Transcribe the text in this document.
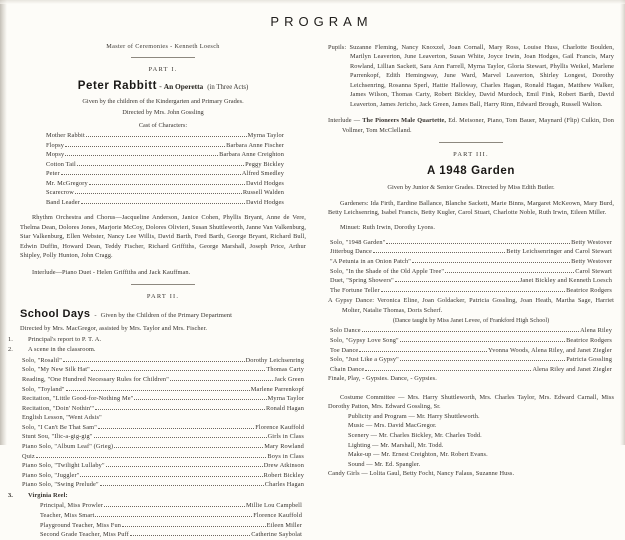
PROGRAM
Master of Ceremonies - Kenneth Loesch
PART I.
Peter Rabbitt - An Operetta (in Three Acts)
Given by the children of the Kindergarten and Primary Grades.
Directed by Mrs. John Gossling
Cast of Characters:
Mother Rabbit	Myrna Taylor
Flopsy	Barbara Anne Fischer
Mopsy	Barbara Anne Creighton
Cotton Tail	Peggy Bickley
Peter	Alfred Smedley
Mr. McGregory	David Hodges
Scarecrow	Russell Walden
Band Leader	David Hodges
Rhythm Orchestra and Chorus—Jacqueline Anderson, Janice Cohen, Phyllis Bryant, Anne de Vere, Thelma Dean, Dolores Jones, Marjorie McCoy, Dolores Olivieri, Susan Shuttleworth, Janne Van Valkenburg, Star Valkenburg, Ellen Webster, Nancy Lee Willis, David Barth, Fred Barth, George Bryant, Richard Bull, Edwin Duffin, Howard Dean, Teddy Fischer, Richard Griffiths, George Marshall, Joseph Price, Arthur Shipley, Polly Hunton, John Cragg.
Interlude—Piano Duet - Helen Griffiths and Jack Kauffman.
PART II.
School Days - Given by the Children of the Primary Department
Directed by Mrs. MacGregor, assisted by Mrs. Taylor and Mrs. Fischer.
1. Principal's report to P. T. A.
2. A scene in the classroom.
Solo, "Rosalil"	Dorothy Leichsenring
Solo, "My New Silk Hat"	Thomas Carty
Reading, "One Hundred Necessary Rules for Children"	Jack Green
Solo, "Toyland"	Marlene Parrenkopf
Recitation, "Little Good-for-Nothing Me"	Myrna Taylor
Recitation, "Doin' Nothin'"	Ronald Hagan
English Lesson, "Went Adsis"
Solo, "I Can't Be That Sam"	Florence Kauffold
Stunt Sou, "Ilic-a-gig-gig"	Girls in Class
Piano Solo, "Album Leaf" (Grieg)	Mary Rowland
Quiz	Boys in Class
Piano Solo, "Twilight Lullaby"	Drew Atkinson
Piano Solo, "Juggler"	Robert Bickley
Piano Solo, "Swing Prelude"	Charles Hagan
3. Virginia Reel:
Principal, Miss Prowler	Millie Lou Campbell
Teacher, Miss Smart	Florence Kauffold
Playground Teacher, Miss Fun	Eileen Miller
Second Grade Teacher, Miss Puff	Catherine Saybolat
Pupils: Suzanne Fleming, Nancy Knoxzel, Joan Cornall, Mary Ross, Louise Huss, Charlotte Boulden, Marilyn Leaverton, June Leaverton, Susan White, Joyce Irwin, Joan Hodges, Gail Francis, Mary Rowland, Lillian Sackett, Sara Ann Farrell, Myrna Taylor, Gloria Stewart, Phyllis Weikel, Marlene Parrenkopf, Edith Hemingway, June Ward, Marvel Leaverton, Shirley Longest, Dorothy Leichsenring, Rosanna Sperl, Hattie Halloway, Charles Hagan, Ronald Hagan, Matthew Walker, James Wilson, Thomas Carty, Robert Bickley, David Murdoch, Emil Fink, Robert Barth, David Leaverton, James Jericho, Jack Green, James Ball, Harry Rinn, Edward Brough, Russell Walton.
Interlude — The Pioneers Male Quartette, Ed. Meisoner, Piano, Tom Bauer, Maynard (Flip) Culkin, Don Vollmer, Tom McClelland.
PART III.
A 1948 Garden
Given by Junior & Senior Grades. Directed by Miss Edith Butler.
Gardeners: Ida Firth, Eardine Ballance, Blanche Sackett, Marie Binns, Margaret McKeown, Mary Burd, Betty Leichsenring, Isabel Francis, Betty Kugler, Carol Stuart, Charlotte Noble, Ruth Irwin, Eileen Miller.
Minuet: Ruth Irwin, Dorothy Lyons.
Solo, "1948 Garden"	Betty Westover
Jitterbug Dance	Betty Leichsenringer and Carol Stewart
"A Petunia in an Onion Patch"	Betty Westover
Solo, "In the Shade of the Old Apple Tree"	Carol Stewart
Duet, "Spring Showers"	Janet Bickley and Kenneth Loesch
The Fortune Teller	Beatrice Rodgers
A Gypsy Dance: Veronica Eline, Joan Goldacker, Patricia Gossling, Joan Heath, Martha Sage, Harriet Molter, Natalie Thomas, Doris Scherf.
(Dance taught by Miss Janet Levee, of Frankford High School)
Solo Dance	Alena Riley
Solo, "Gypsy Love Song"	Beatrice Rodgers
Toe Dance	Yvonna Woods, Alena Riley, and Janet Ziegler
Solo, "Just Like a Gypsy"	Patricia Gossling
Chain Dance	Alena Riley and Janet Ziegler
Finale, Play, - Gypsies. Dance, - Gypsies.
Costume Committee — Mrs. Harry Shuttleworth, Mrs. Charles Taylor, Mrs. Edward Carnall, Miss Dorothy Patton, Mrs. Edward Gossling, Sr.
Publicity and Program — Mr. Harry Shuttleworth.
Music — Mrs. David MacGregor.
Scenery — Mr. Charles Bickley, Mr. Charles Todd.
Lighting — Mr. Marshall, Mr. Todd.
Make-up — Mr. Ernest Creighton, Mr. Robert Evans.
Sound — Mr. Ed. Spangler.
Candy Girls — Lolita Gaul, Betty Focht, Nancy Falaus, Suzanne Huss.
